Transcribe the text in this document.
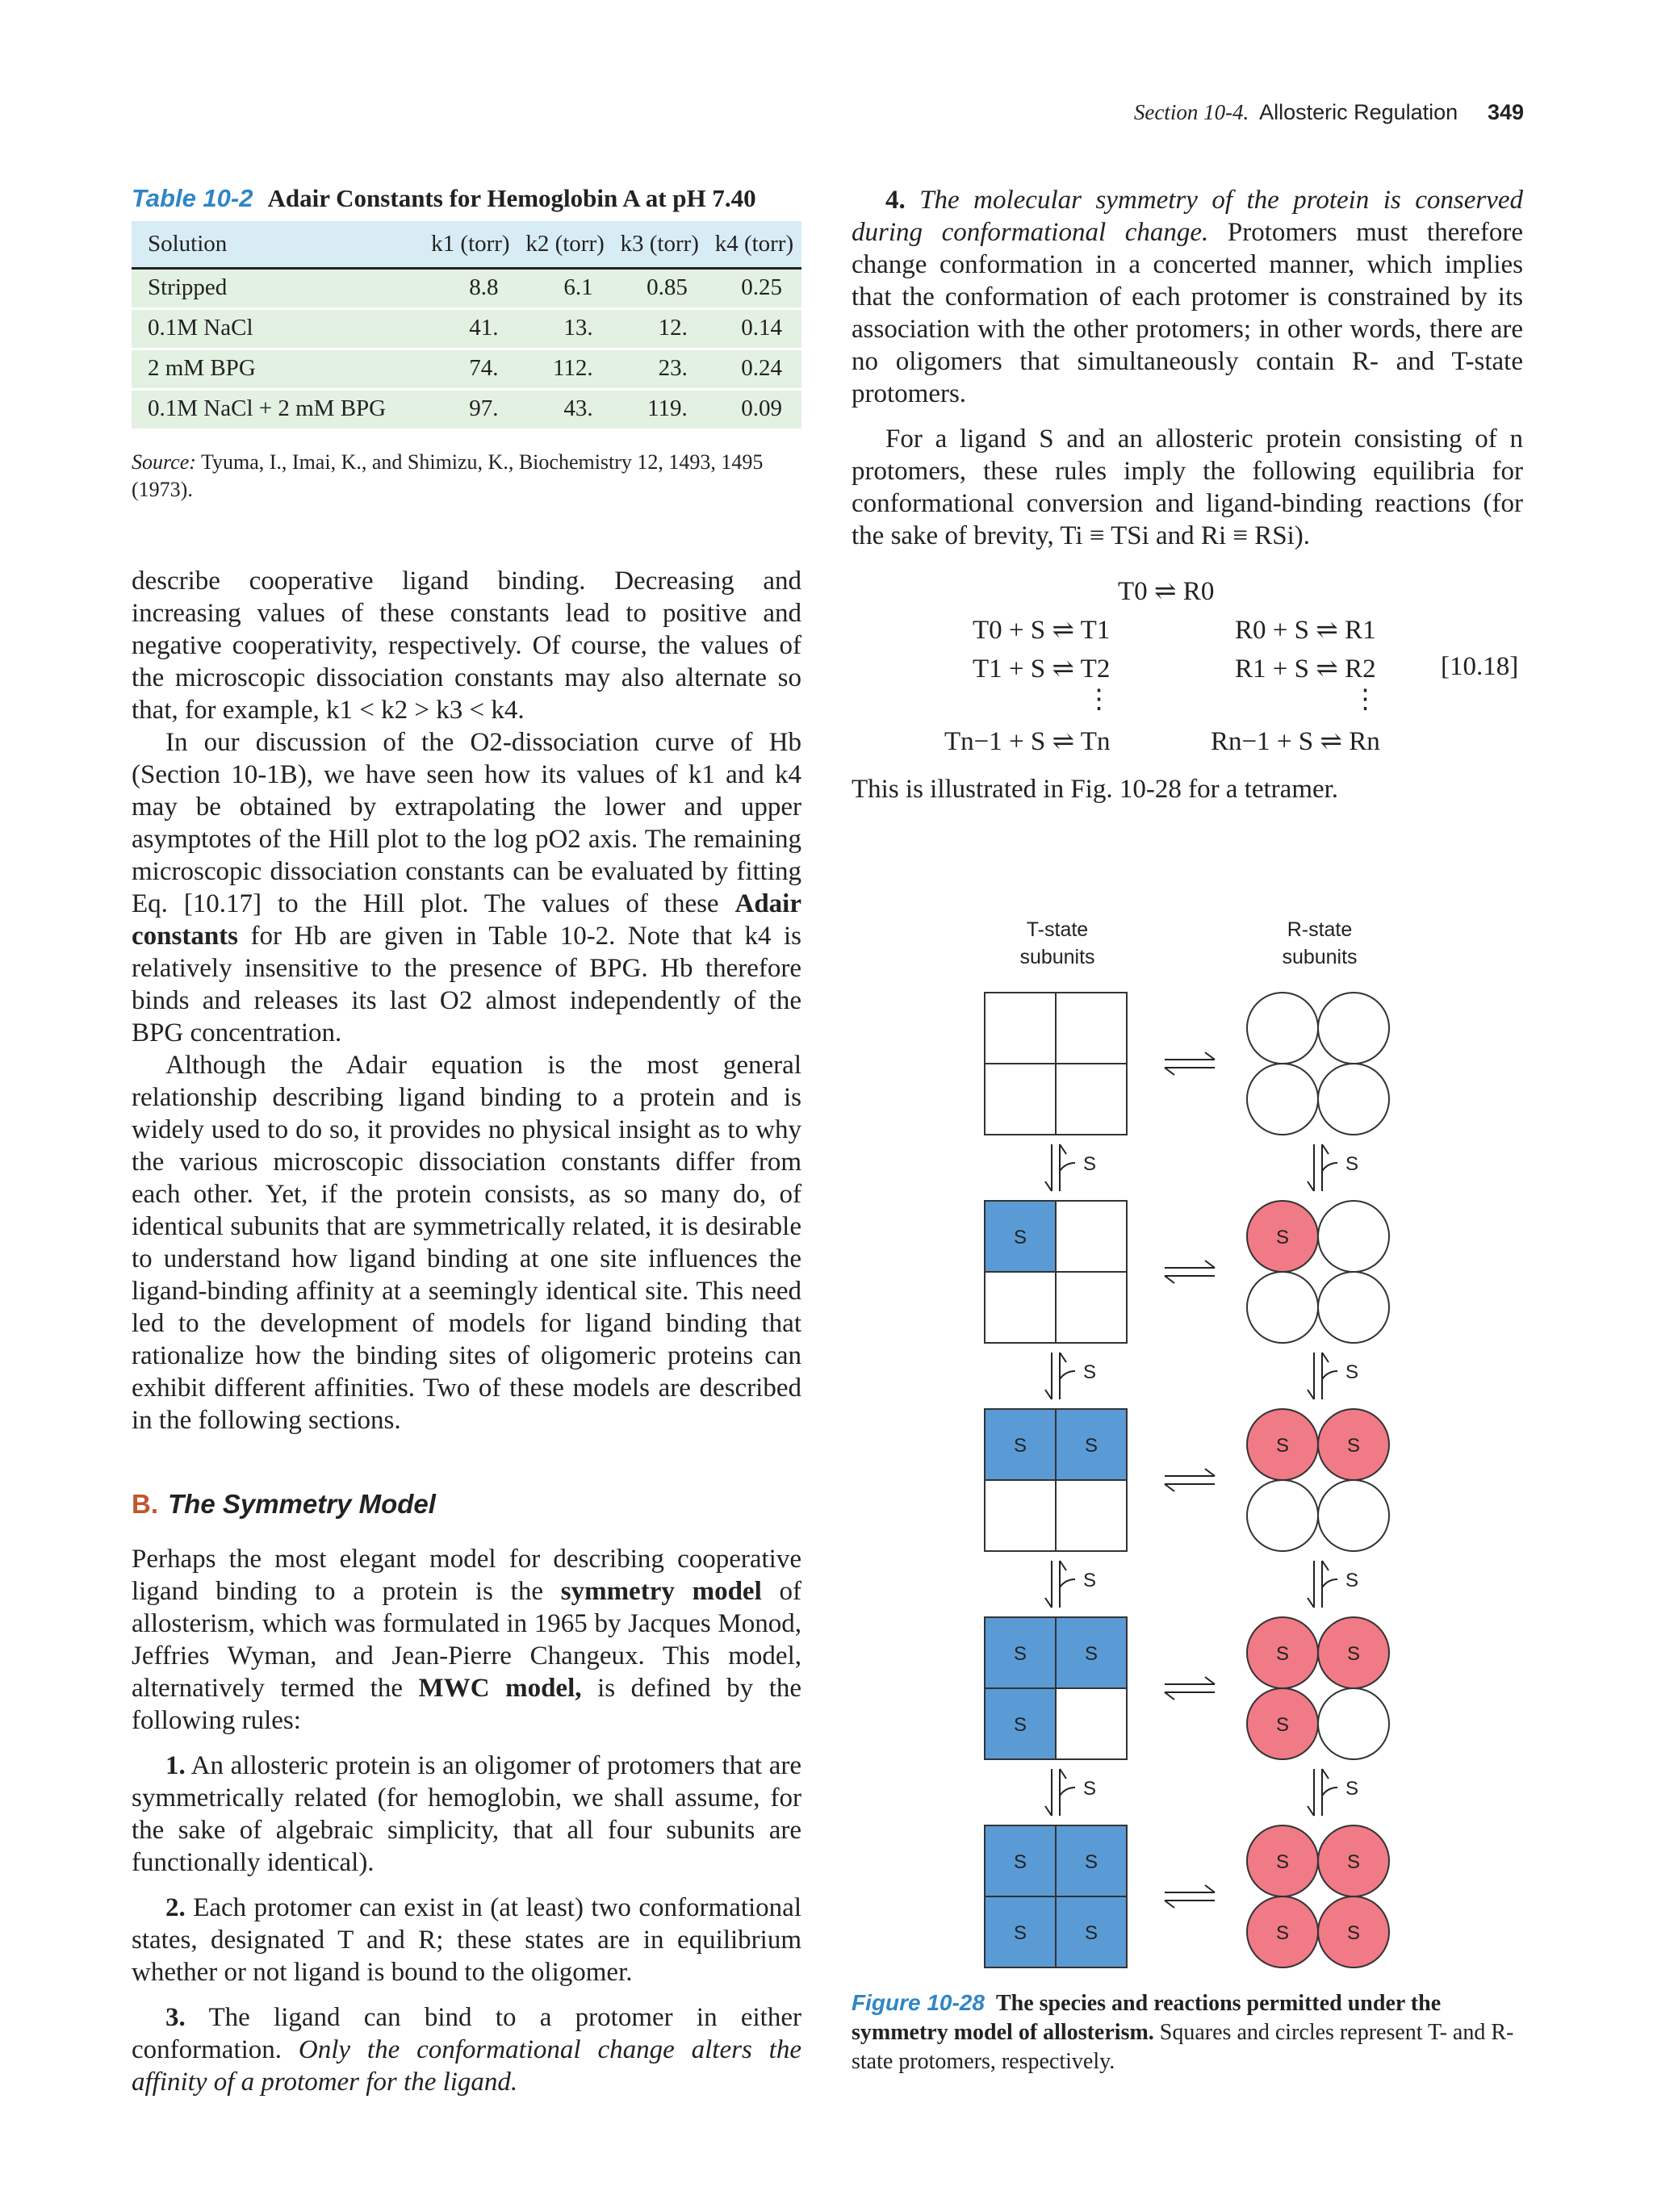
Section 10-4. Allosteric Regulation 349
Table 10-2 Adair Constants for Hemoglobin A at pH 7.40
Solution	k1 (torr)	k2 (torr)	k3 (torr)	k4 (torr)
Stripped	8.8	6.1	0.85	0.25
0.1M NaCl	41.	13.	12.	0.14
2 mM BPG	74.	112.	23.	0.24
0.1M NaCl + 2 mM BPG	97.	43.	119.	0.09
Source: Tyuma, I., Imai, K., and Shimizu, K., Biochemistry 12, 1493, 1495 (1973).

describe cooperative ligand binding. Decreasing and increasing values of these constants lead to positive and negative cooperativity, respectively. Of course, the values of the microscopic dissociation constants may also alternate so that, for example, k1 < k2 > k3 < k4.

In our discussion of the O2-dissociation curve of Hb (Section 10-1B), we have seen how its values of k1 and k4 may be obtained by extrapolating the lower and upper asymptotes of the Hill plot to the log pO2 axis. The remaining microscopic dissociation constants can be evaluated by fitting Eq. [10.17] to the Hill plot. The values of these Adair constants for Hb are given in Table 10-2. Note that k4 is relatively insensitive to the presence of BPG. Hb therefore binds and releases its last O2 almost independently of the BPG concentration.

Although the Adair equation is the most general relationship describing ligand binding to a protein and is widely used to do so, it provides no physical insight as to why the various microscopic dissociation constants differ from each other. Yet, if the protein consists, as so many do, of identical subunits that are symmetrically related, it is desirable to understand how ligand binding at one site influences the ligand-binding affinity at a seemingly identical site. This need led to the development of models for ligand binding that rationalize how the binding sites of oligomeric proteins can exhibit different affinities. Two of these models are described in the following sections.

B. The Symmetry Model

Perhaps the most elegant model for describing cooperative ligand binding to a protein is the symmetry model of allosterism, which was formulated in 1965 by Jacques Monod, Jeffries Wyman, and Jean-Pierre Changeux. This model, alternatively termed the MWC model, is defined by the following rules:

1. An allosteric protein is an oligomer of protomers that are symmetrically related (for hemoglobin, we shall assume, for the sake of algebraic simplicity, that all four subunits are functionally identical).

2. Each protomer can exist in (at least) two conformational states, designated T and R; these states are in equilibrium whether or not ligand is bound to the oligomer.

3. The ligand can bind to a protomer in either conformation. Only the conformational change alters the affinity of a protomer for the ligand.

4. The molecular symmetry of the protein is conserved during conformational change. Protomers must therefore change conformation in a concerted manner, which implies that the conformation of each protomer is constrained by its association with the other protomers; in other words, there are no oligomers that simultaneously contain R- and T-state protomers.

For a ligand S and an allosteric protein consisting of n protomers, these rules imply the following equilibria for conformational conversion and ligand-binding reactions (for the sake of brevity, Ti ≡ TSi and Ri ≡ RSi).

T0 ⇌ R0
T0 + S ⇌ T1	R0 + S ⇌ R1
T1 + S ⇌ T2	R1 + S ⇌ R2 [10.18]
⋮	⋮
Tn−1 + S ⇌ Tn	Rn−1 + S ⇌ Rn
This is illustrated in Fig. 10-28 for a tetramer.
T-state
subunits
R-state
subunits
S	S
S	S
S	S
S	S
S	S
S	S
S	S
S	S
S	S
S	S
S	S
S	S
S	S
S	S
Figure 10-28 The species and reactions permitted under the symmetry model of allosterism. Squares and circles represent T- and R-state protomers, respectively.
